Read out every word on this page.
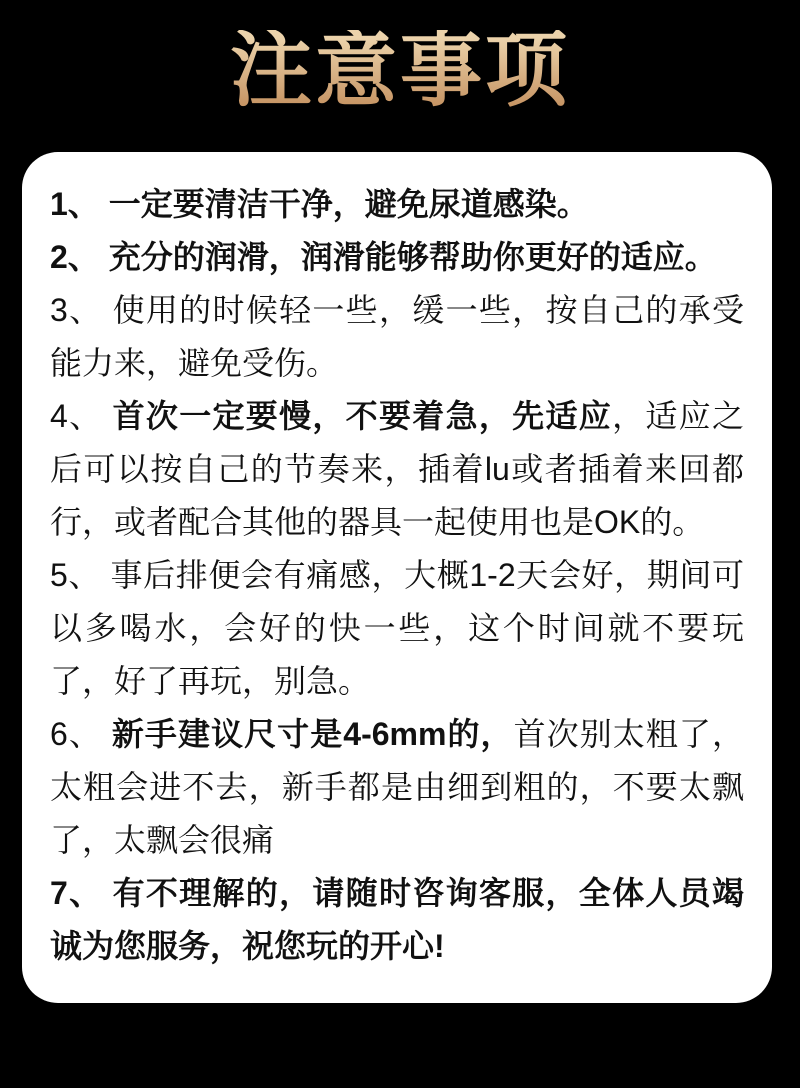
注意事项

1、 一定要清洁干净，避免尿道感染。

2、 充分的润滑，润滑能够帮助你更好的适应。

3、 使用的时候轻一些，缓一些，按自己的承受能力来，避免受伤。

4、 首次一定要慢，不要着急，先适应，适应之后可以按自己的节奏来，插着lu或者插着来回都行，或者配合其他的器具一起使用也是OK的。

5、 事后排便会有痛感，大概1-2天会好，期间可以多喝水，会好的快一些，这个时间就不要玩了，好了再玩，别急。

6、 新手建议尺寸是4-6mm的，首次别太粗了，太粗会进不去，新手都是由细到粗的，不要太飘了，太飘会很痛

7、 有不理解的，请随时咨询客服，全体人员竭诚为您服务，祝您玩的开心!
